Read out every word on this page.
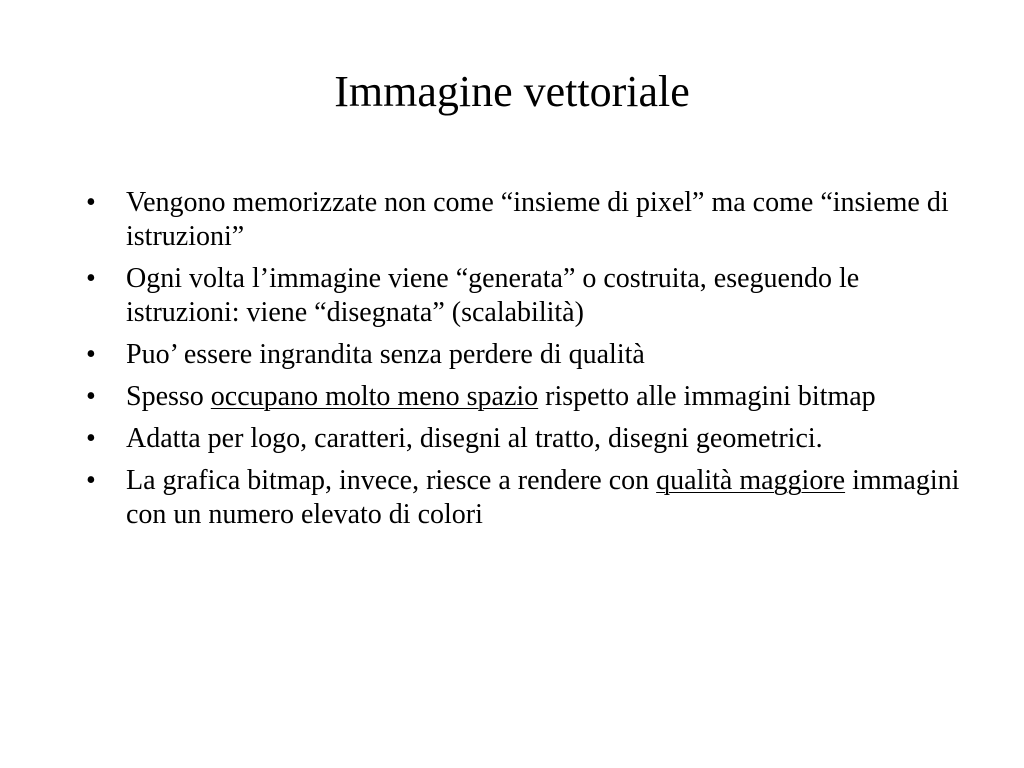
Immagine vettoriale
• Vengono memorizzate non come “insieme di pixel” ma come “insieme di istruzioni”
• Ogni volta l’immagine viene “generata” o costruita, eseguendo le istruzioni: viene “disegnata” (scalabilità)
• Puo’ essere ingrandita senza perdere di qualità
• Spesso occupano molto meno spazio rispetto alle immagini bitmap
• Adatta per logo, caratteri, disegni al tratto, disegni geometrici.
• La grafica bitmap, invece, riesce a rendere con qualità maggiore immagini con un numero elevato di colori
